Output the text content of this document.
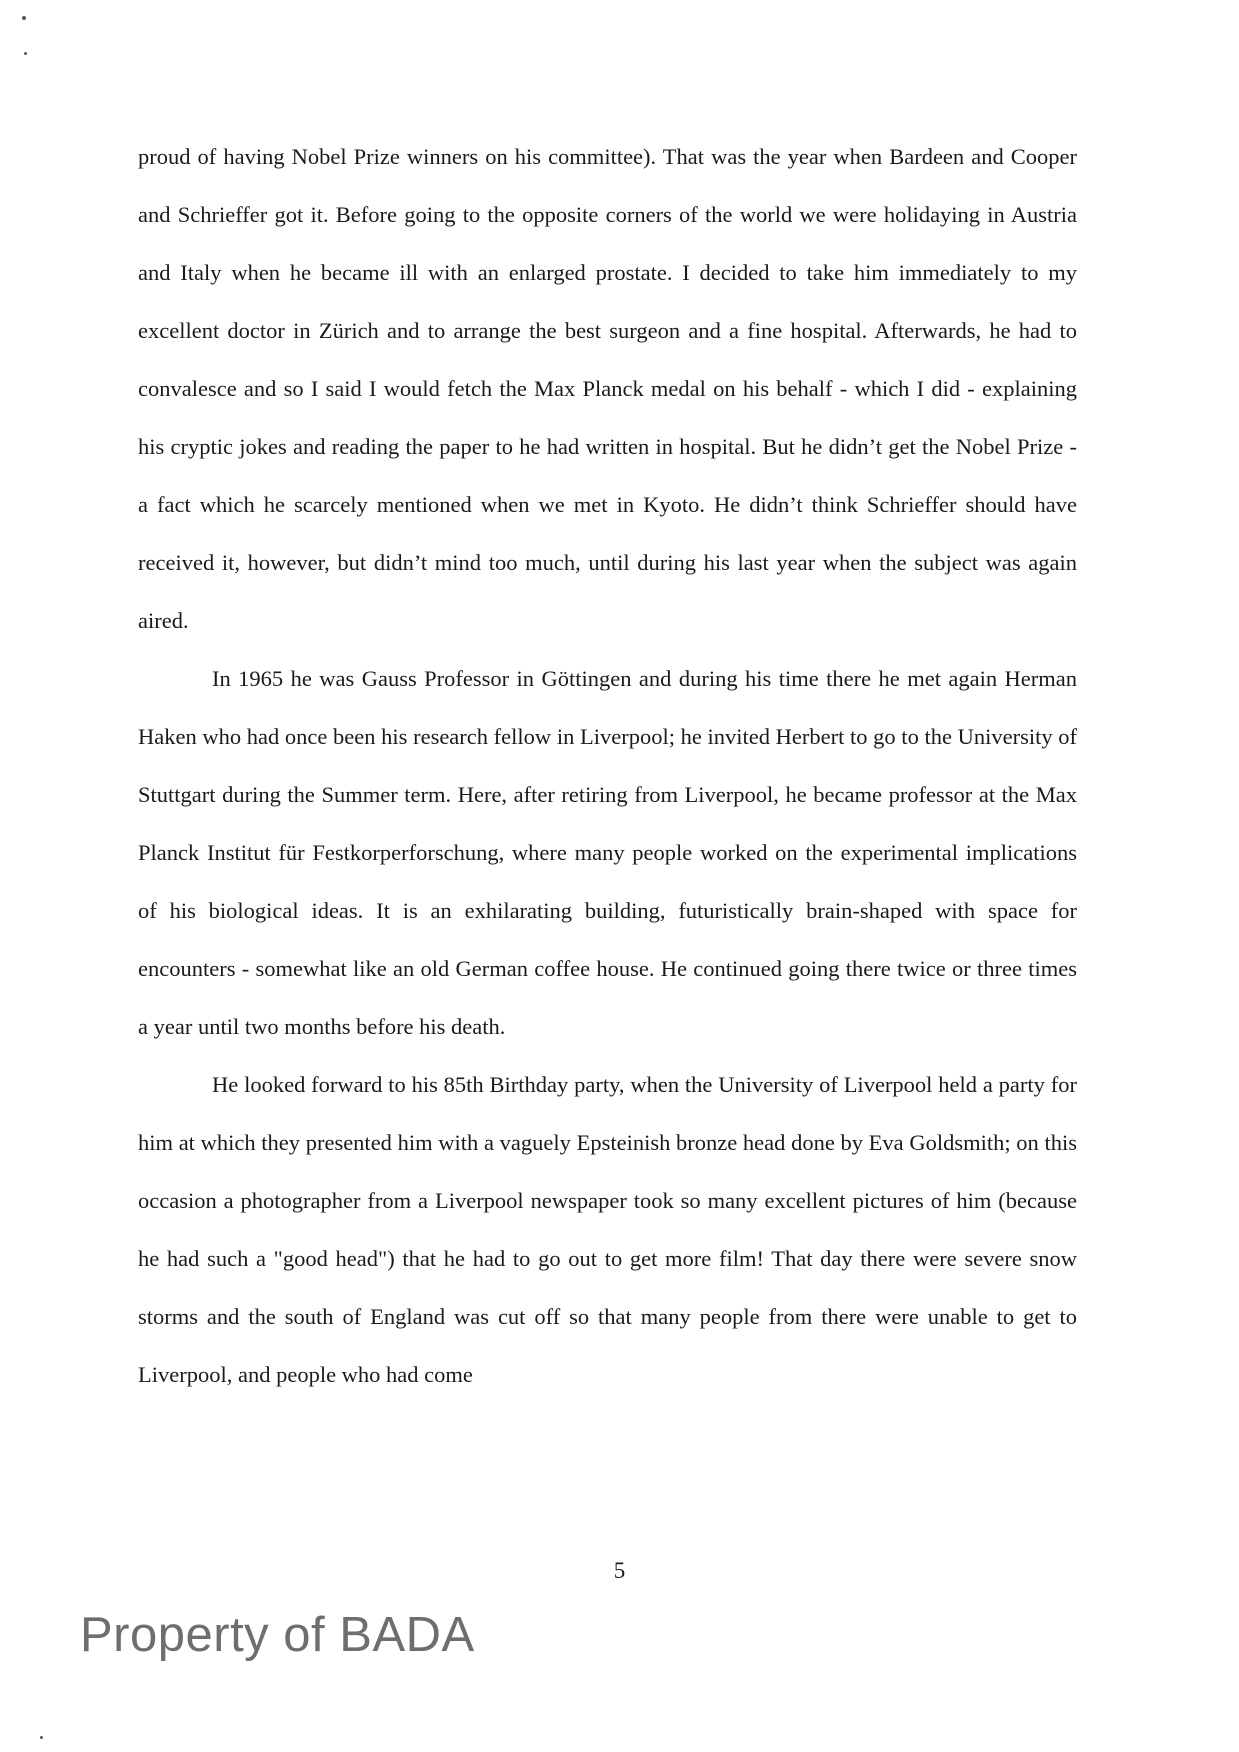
proud of having Nobel Prize winners on his committee). That was the year when Bardeen and Cooper and Schrieffer got it. Before going to the opposite corners of the world we were holidaying in Austria and Italy when he became ill with an enlarged prostate. I decided to take him immediately to my excellent doctor in Zürich and to arrange the best surgeon and a fine hospital. Afterwards, he had to convalesce and so I said I would fetch the Max Planck medal on his behalf - which I did - explaining his cryptic jokes and reading the paper to he had written in hospital. But he didn’t get the Nobel Prize - a fact which he scarcely mentioned when we met in Kyoto. He didn’t think Schrieffer should have received it, however, but didn’t mind too much, until during his last year when the subject was again aired.

In 1965 he was Gauss Professor in Göttingen and during his time there he met again Herman Haken who had once been his research fellow in Liverpool; he invited Herbert to go to the University of Stuttgart during the Summer term. Here, after retiring from Liverpool, he became professor at the Max Planck Institut für Festkorperforschung, where many people worked on the experimental implications of his biological ideas. It is an exhilarating building, futuristically brain-shaped with space for encounters - somewhat like an old German coffee house. He continued going there twice or three times a year until two months before his death.

He looked forward to his 85th Birthday party, when the University of Liverpool held a party for him at which they presented him with a vaguely Epsteinish bronze head done by Eva Goldsmith; on this occasion a photographer from a Liverpool newspaper took so many excellent pictures of him (because he had such a "good head") that he had to go out to get more film! That day there were severe snow storms and the south of England was cut off so that many people from there were unable to get to Liverpool, and people who had come

5
Property of BADA
